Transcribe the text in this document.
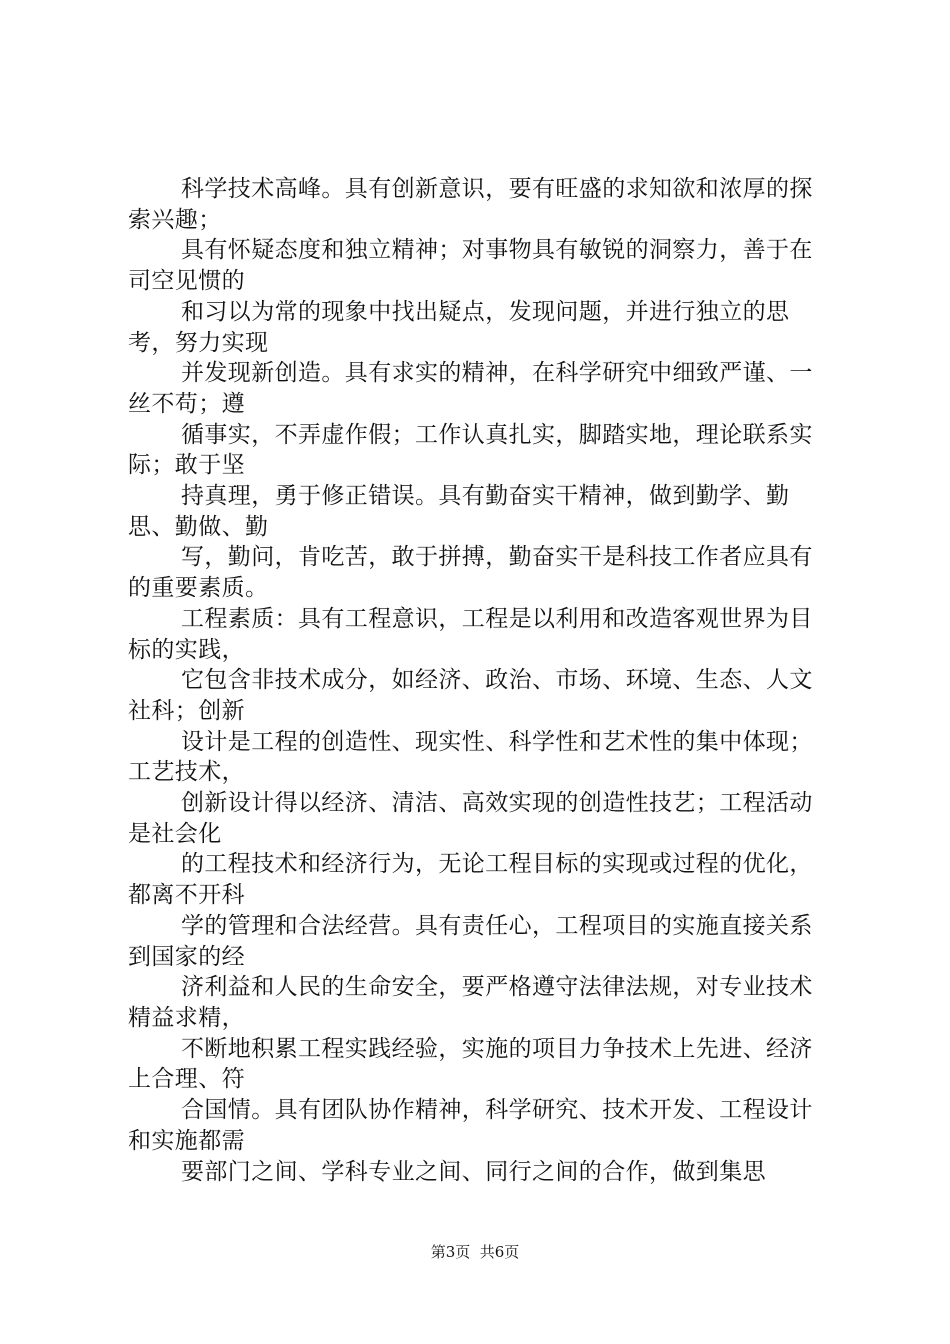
科学技术高峰。具有创新意识，要有旺盛的求知欲和浓厚的探索兴趣；

具有怀疑态度和独立精神；对事物具有敏锐的洞察力，善于在司空见惯的

和习以为常的现象中找出疑点，发现问题，并进行独立的思考，努力实现

并发现新创造。具有求实的精神，在科学研究中细致严谨、一丝不苟；遵

循事实，不弄虚作假；工作认真扎实，脚踏实地，理论联系实际；敢于坚

持真理，勇于修正错误。具有勤奋实干精神，做到勤学、勤思、勤做、勤

写，勤问，肯吃苦，敢于拼搏，勤奋实干是科技工作者应具有的重要素质。

工程素质：具有工程意识，工程是以利用和改造客观世界为目标的实践，

它包含非技术成分，如经济、政治、市场、环境、生态、人文社科；创新

设计是工程的创造性、现实性、科学性和艺术性的集中体现；工艺技术，

创新设计得以经济、清洁、高效实现的创造性技艺；工程活动是社会化

的工程技术和经济行为，无论工程目标的实现或过程的优化，都离不开科

学的管理和合法经营。具有责任心，工程项目的实施直接关系到国家的经

济利益和人民的生命安全，要严格遵守法律法规，对专业技术精益求精，

不断地积累工程实践经验，实施的项目力争技术上先进、经济上合理、符

合国情。具有团队协作精神，科学研究、技术开发、工程设计和实施都需

要部门之间、学科专业之间、同行之间的合作，做到集思

第3页  共6页
